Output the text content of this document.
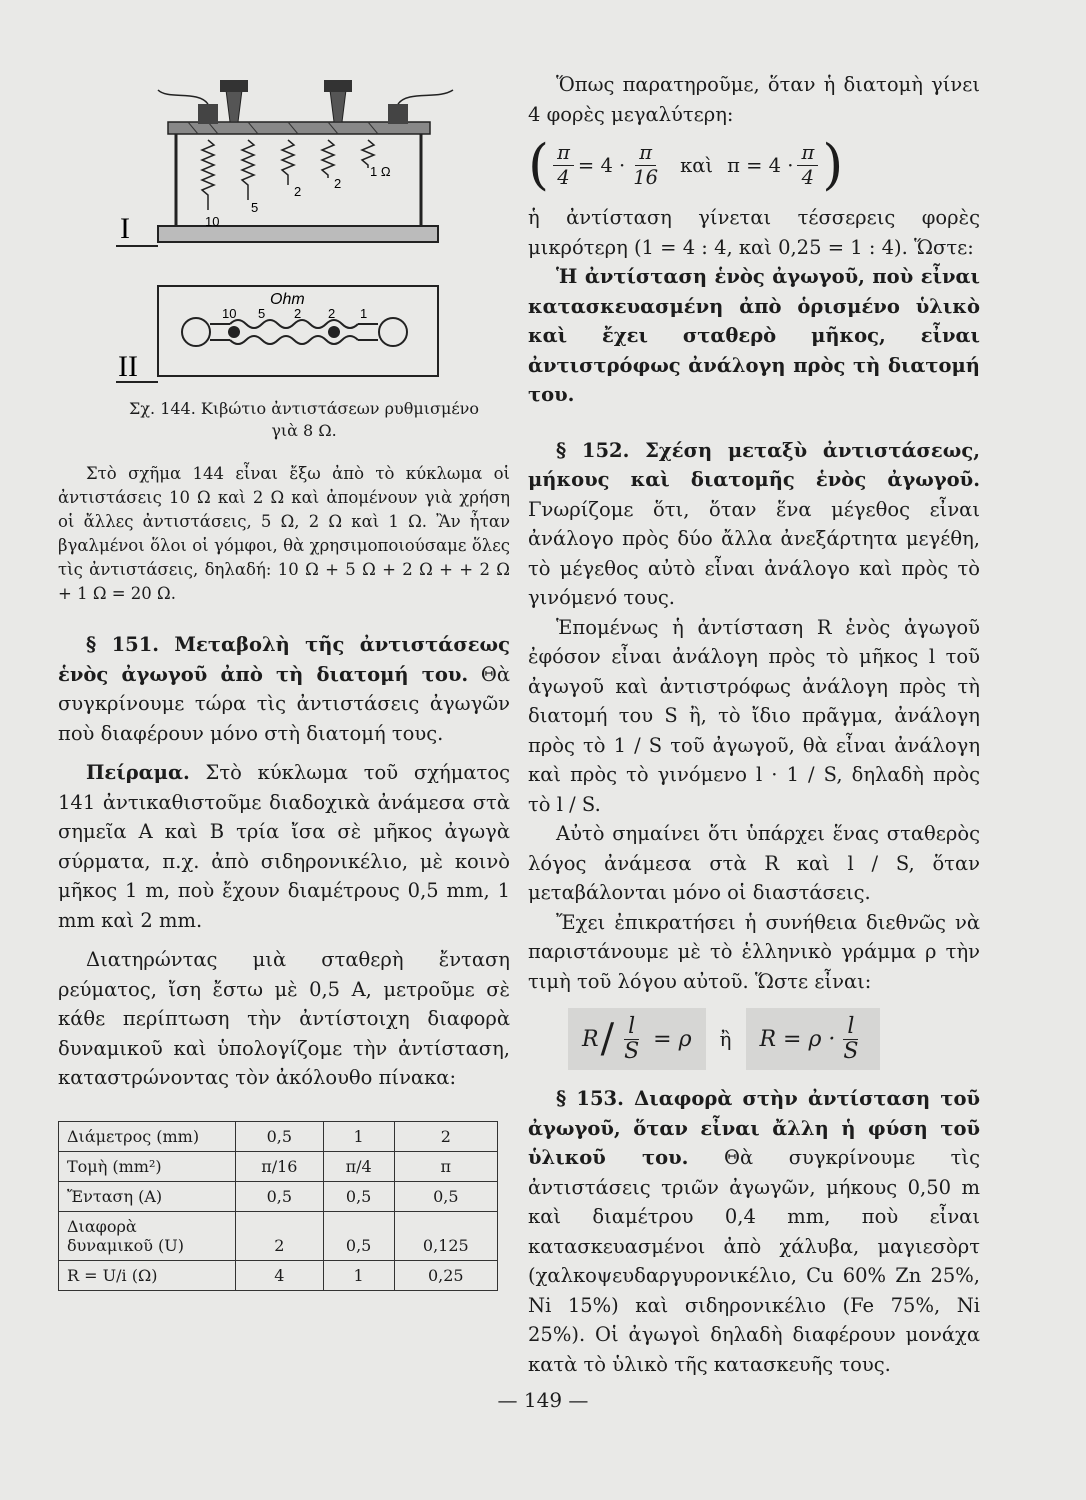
10
5
2
2
1 Ω
I
Ohm
10 5 2 2 1
II
Σχ. 144. Κιβώτιο ἀντιστάσεων ρυθμισμένο
γιὰ 8 Ω.

Στὸ σχῆμα 144 εἶναι ἔξω ἀπὸ τὸ κύκλωμα οἱ ἀντιστάσεις 10 Ω καὶ 2 Ω καὶ ἀπομένουν γιὰ χρήση οἱ ἄλλες ἀντιστάσεις, 5 Ω, 2 Ω καὶ 1 Ω. Ἂν ἦταν βγαλμένοι ὅλοι οἱ γόμφοι, θὰ χρησιμοποιούσαμε ὅλες τὶς ἀντιστάσεις, δηλαδή: 10 Ω + 5 Ω + 2 Ω + + 2 Ω + 1 Ω = 20 Ω.

§ 151. Μεταβολὴ τῆς ἀντιστάσεως ἑνὸς ἀγωγοῦ ἀπὸ τὴ διατομή του. Θὰ συγκρίνουμε τώρα τὶς ἀντιστάσεις ἀγωγῶν ποὺ διαφέρουν μόνο στὴ διατομή τους.

Πείραμα. Στὸ κύκλωμα τοῦ σχήματος 141 ἀντικαθιστοῦμε διαδοχικὰ ἀνάμεσα στὰ σημεῖα Α καὶ Β τρία ἴσα σὲ μῆκος ἀγωγὰ σύρματα, π.χ. ἀπὸ σιδηρονικέλιο, μὲ κοινὸ μῆκος 1 m, ποὺ ἔχουν διαμέτρους 0,5 mm, 1 mm καὶ 2 mm.

Διατηρώντας μιὰ σταθερὴ ἔνταση ρεύματος, ἴση ἔστω μὲ 0,5 Α, μετροῦμε σὲ κάθε περίπτωση τὴν ἀντίστοιχη διαφορὰ δυναμικοῦ καὶ ὑπολογίζομε τὴν ἀντίσταση, καταστρώνοντας τὸν ἀκόλουθο πίνακα:

Διάμετρος (mm)	0,5	1	2
Τομὴ (mm²)	π/16	π/4	π
Ἔνταση (Α)	0,5	0,5	0,5
Διαφορὰ δυναμικοῦ (U)	2	0,5	0,125
R = U/i (Ω)	4	1	0,25

Ὅπως παρατηροῦμε, ὅταν ἡ διατομὴ γίνει 4 φορὲς μεγαλύτερη:

( $\frac{\pi}{4} = 4 \cdot \frac{\pi}{16}$ καὶ $\pi = 4 \cdot \frac{\pi}{4}$ )

ἡ ἀντίσταση γίνεται τέσσερεις φορὲς μικρότερη (1 = 4 : 4, καὶ 0,25 = 1 : 4). Ὥστε:

Ἡ ἀντίσταση ἑνὸς ἀγωγοῦ, ποὺ εἶναι κατασκευασμένη ἀπὸ ὁρισμένο ὑλικὸ καὶ ἔχει σταθερὸ μῆκος, εἶναι ἀντιστρόφως ἀνάλογη πρὸς τὴ διατομή του.

§ 152. Σχέση μεταξὺ ἀντιστάσεως, μήκους καὶ διατομῆς ἑνὸς ἀγωγοῦ. Γνωρίζομε ὅτι, ὅταν ἕνα μέγεθος εἶναι ἀνάλογο πρὸς δύο ἄλλα ἀνεξάρτητα μεγέθη, τὸ μέγεθος αὐτὸ εἶναι ἀνάλογο καὶ πρὸς τὸ γινόμενό τους.

Ἑπομένως ἡ ἀντίσταση R ἑνὸς ἀγωγοῦ ἐφόσον εἶναι ἀνάλογη πρὸς τὸ μῆκος l τοῦ ἀγωγοῦ καὶ ἀντιστρόφως ἀνάλογη πρὸς τὴ διατομή του S ἢ, τὸ ἴδιο πρᾶγμα, ἀνάλογη πρὸς τὸ 1 / S τοῦ ἀγωγοῦ, θὰ εἶναι ἀνάλογη καὶ πρὸς τὸ γινόμενο l · 1 / S, δηλαδὴ πρὸς τὸ l / S.

Αὐτὸ σημαίνει ὅτι ὑπάρχει ἕνας σταθερὸς λόγος ἀνάμεσα στὰ R καὶ l / S, ὅταν μεταβάλονται μόνο οἱ διαστάσεις.

Ἔχει ἐπικρατήσει ἡ συνήθεια διεθνῶς νὰ παριστάνουμε μὲ τὸ ἑλληνικὸ γράμμα ρ τὴν τιμὴ τοῦ λόγου αὐτοῦ. Ὥστε εἶναι:

$R / \frac{l}{S} = \rho$ ἢ $R = \rho \cdot \frac{l}{S}$

§ 153. Διαφορὰ στὴν ἀντίσταση τοῦ ἀγωγοῦ, ὅταν εἶναι ἄλλη ἡ φύση τοῦ ὑλικοῦ του. Θὰ συγκρίνουμε τὶς ἀντιστάσεις τριῶν ἀγωγῶν, μήκους 0,50 m καὶ διαμέτρου 0,4 mm, ποὺ εἶναι κατασκευασμένοι ἀπὸ χάλυβα, μαγιεσὸρτ (χαλκοψευδαργυρονικέλιο, Cu 60% Zn 25%, Ni 15%) καὶ σιδηρονικέλιο (Fe 75%, Ni 25%). Οἱ ἀγωγοὶ δηλαδὴ διαφέρουν μονάχα κατὰ τὸ ὑλικὸ τῆς κατασκευῆς τους.

— 149 —
